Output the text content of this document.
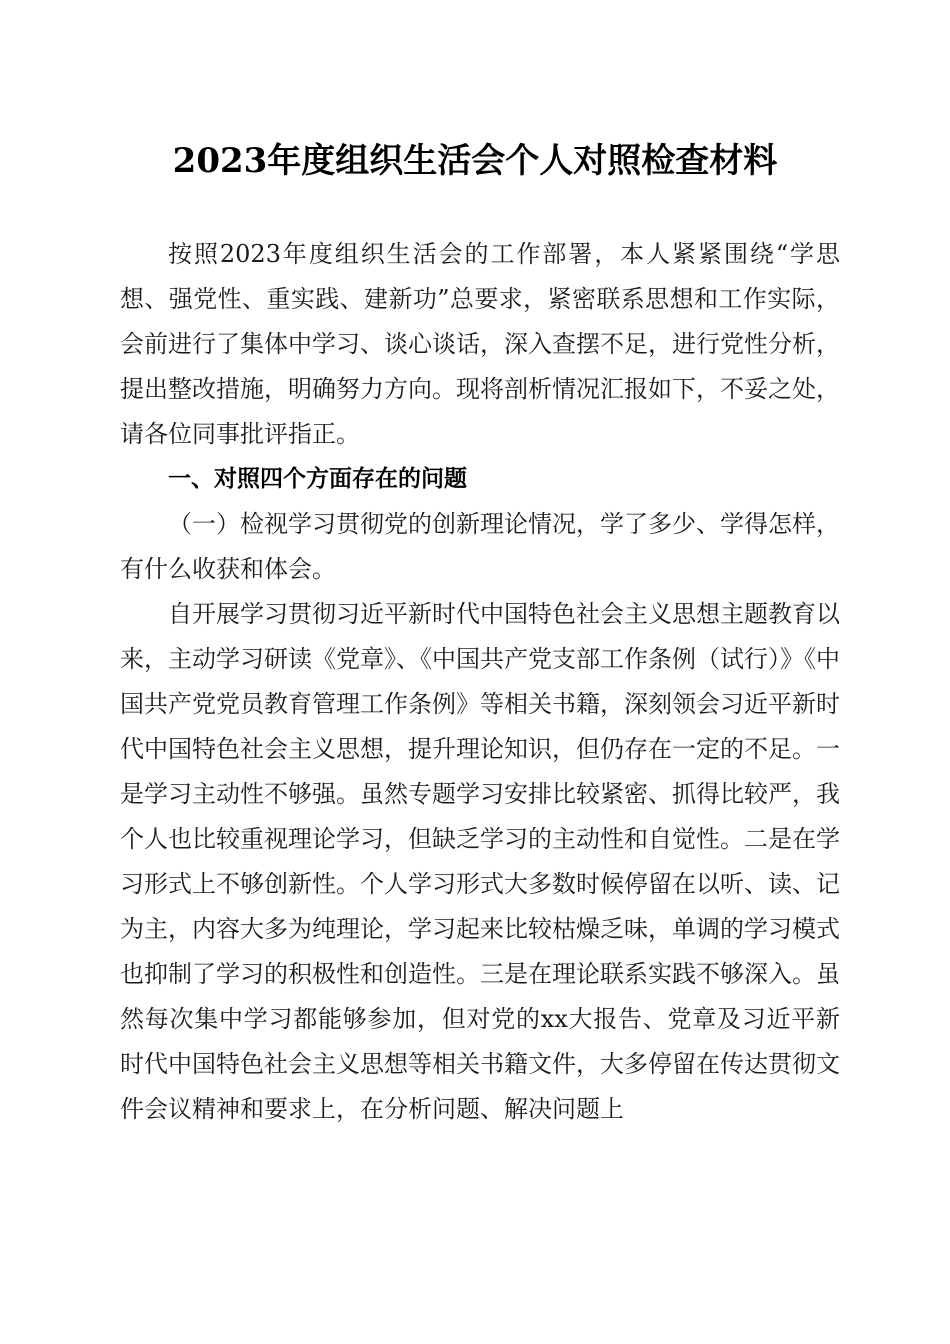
2023年度组织生活会个人对照检查材料

按照2023年度组织生活会的工作部署，本人紧紧围绕“学思想、强党性、重实践、建新功”总要求，紧密联系思想和工作实际，会前进行了集体中学习、谈心谈话，深入查摆不足，进行党性分析，提出整改措施，明确努力方向。现将剖析情况汇报如下，不妥之处，请各位同事批评指正。

一、对照四个方面存在的问题

（一）检视学习贯彻党的创新理论情况，学了多少、学得怎样，有什么收获和体会。

自开展学习贯彻习近平新时代中国特色社会主义思想主题教育以来，主动学习研读《党章》、《中国共产党支部工作条例（试行）》《中国共产党党员教育管理工作条例》等相关书籍，深刻领会习近平新时代中国特色社会主义思想，提升理论知识，但仍存在一定的不足。一是学习主动性不够强。虽然专题学习安排比较紧密、抓得比较严，我个人也比较重视理论学习，但缺乏学习的主动性和自觉性。二是在学习形式上不够创新性。个人学习形式大多数时候停留在以听、读、记为主，内容大多为纯理论，学习起来比较枯燥乏味，单调的学习模式也抑制了学习的积极性和创造性。三是在理论联系实践不够深入。虽然每次集中学习都能够参加，但对党的xx大报告、党章及习近平新时代中国特色社会主义思想等相关书籍文件，大多停留在传达贯彻文件会议精神和要求上，在分析问题、解决问题上
